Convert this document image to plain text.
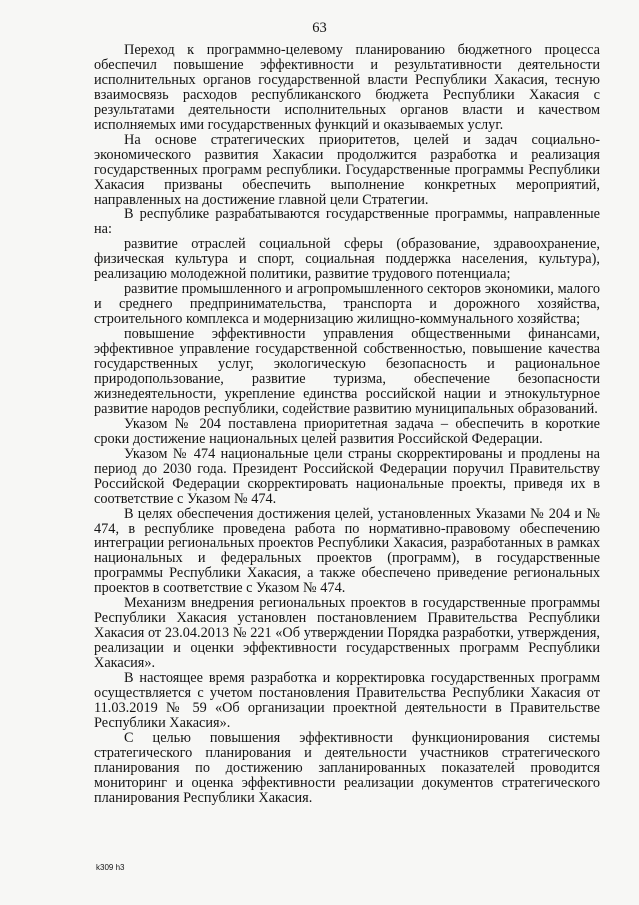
63

Переход к программно-целевому планированию бюджетного процесса обеспечил повышение эффективности и результативности деятельности исполнительных органов государственной власти Республики Хакасия, тесную взаимосвязь расходов республиканского бюджета Республики Хакасия с результатами деятельности исполнительных органов власти и качеством исполняемых ими государственных функций и оказываемых услуг.

На основе стратегических приоритетов, целей и задач социально-экономического развития Хакасии продолжится разработка и реализация государственных программ республики. Государственные программы Республики Хакасия призваны обеспечить выполнение конкретных мероприятий, направленных на достижение главной цели Стратегии.

В республике разрабатываются государственные программы, направленные на:

развитие отраслей социальной сферы (образование, здравоохранение, физическая культура и спорт, социальная поддержка населения, культура), реализацию молодежной политики, развитие трудового потенциала;

развитие промышленного и агропромышленного секторов экономики, малого и среднего предпринимательства, транспорта и дорожного хозяйства, строительного комплекса и модернизацию жилищно-коммунального хозяйства;

повышение эффективности управления общественными финансами, эффективное управление государственной собственностью, повышение качества государственных услуг, экологическую безопасность и рациональное природопользование, развитие туризма, обеспечение безопасности жизнедеятельности, укрепление единства российской нации и этнокультурное развитие народов республики, содействие развитию муниципальных образований.

Указом № 204 поставлена приоритетная задача – обеспечить в короткие сроки достижение национальных целей развития Российской Федерации.

Указом № 474 национальные цели страны скорректированы и продлены на период до 2030 года. Президент Российской Федерации поручил Правительству Российской Федерации скорректировать национальные проекты, приведя их в соответствие с Указом № 474.

В целях обеспечения достижения целей, установленных Указами № 204 и № 474, в республике проведена работа по нормативно-правовому обеспечению интеграции региональных проектов Республики Хакасия, разработанных в рамках национальных и федеральных проектов (программ), в государственные программы Республики Хакасия, а также обеспечено приведение региональных проектов в соответствие с Указом № 474.

Механизм внедрения региональных проектов в государственные программы Республики Хакасия установлен постановлением Правительства Республики Хакасия от 23.04.2013 № 221 «Об утверждении Порядка разработки, утверждения, реализации и оценки эффективности государственных программ Республики Хакасия».

В настоящее время разработка и корректировка государственных программ осуществляется с учетом постановления Правительства Республики Хакасия от 11.03.2019 № 59 «Об организации проектной деятельности в Правительстве Республики Хакасия».

С целью повышения эффективности функционирования системы стратегического планирования и деятельности участников стратегического планирования по достижению запланированных показателей проводится мониторинг и оценка эффективности реализации документов стратегического планирования Республики Хакасия.

k309 h3
